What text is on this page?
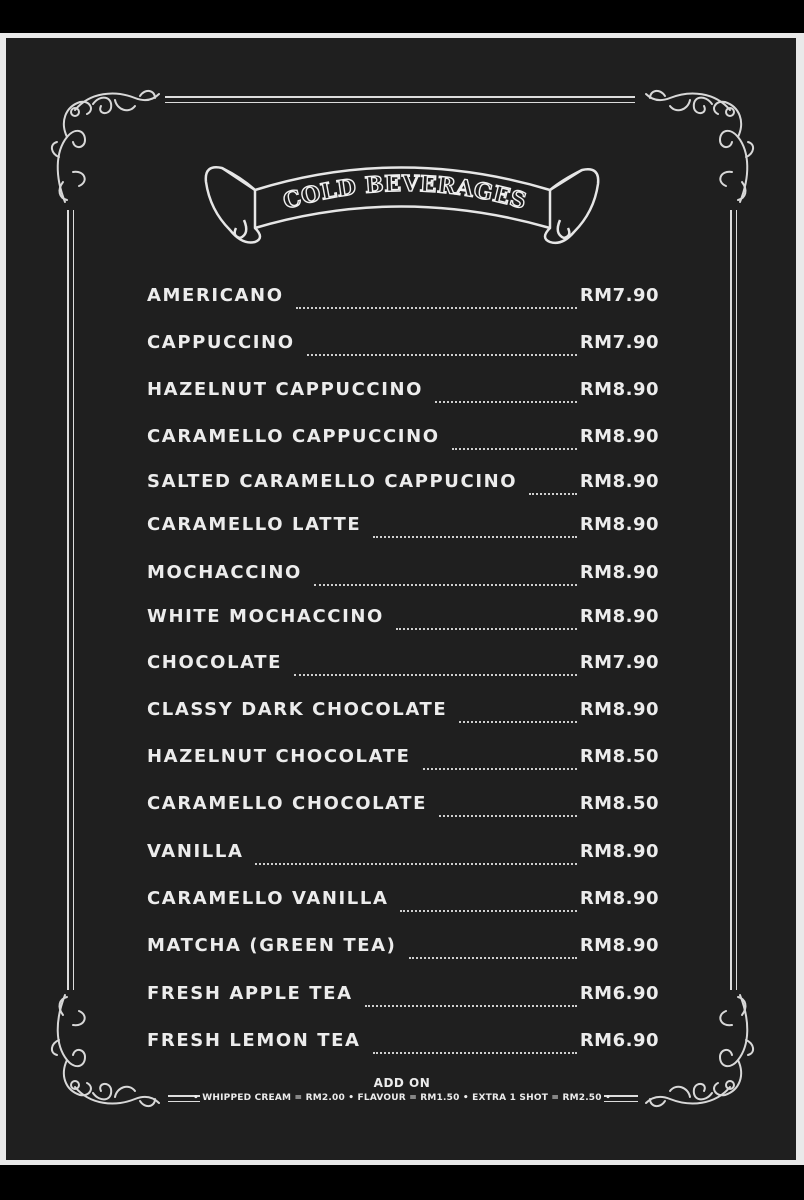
COLD BEVERAGES
AMERICANO	RM7.90
CAPPUCCINO	RM7.90
HAZELNUT CAPPUCCINO	RM8.90
CARAMELLO CAPPUCCINO	RM8.90
SALTED CARAMELLO CAPPUCINO	RM8.90
CARAMELLO LATTE	RM8.90
MOCHACCINO	RM8.90
WHITE MOCHACCINO	RM8.90
CHOCOLATE	RM7.90
CLASSY DARK CHOCOLATE	RM8.90
HAZELNUT CHOCOLATE	RM8.50
CARAMELLO CHOCOLATE	RM8.50
VANILLA	RM8.90
CARAMELLO VANILLA	RM8.90
MATCHA (GREEN TEA)	RM8.90
FRESH APPLE TEA	RM6.90
FRESH LEMON TEA	RM6.90
ADD ON
• WHIPPED CREAM = RM2.00 • FLAVOUR = RM1.50 • EXTRA 1 SHOT = RM2.50 •
